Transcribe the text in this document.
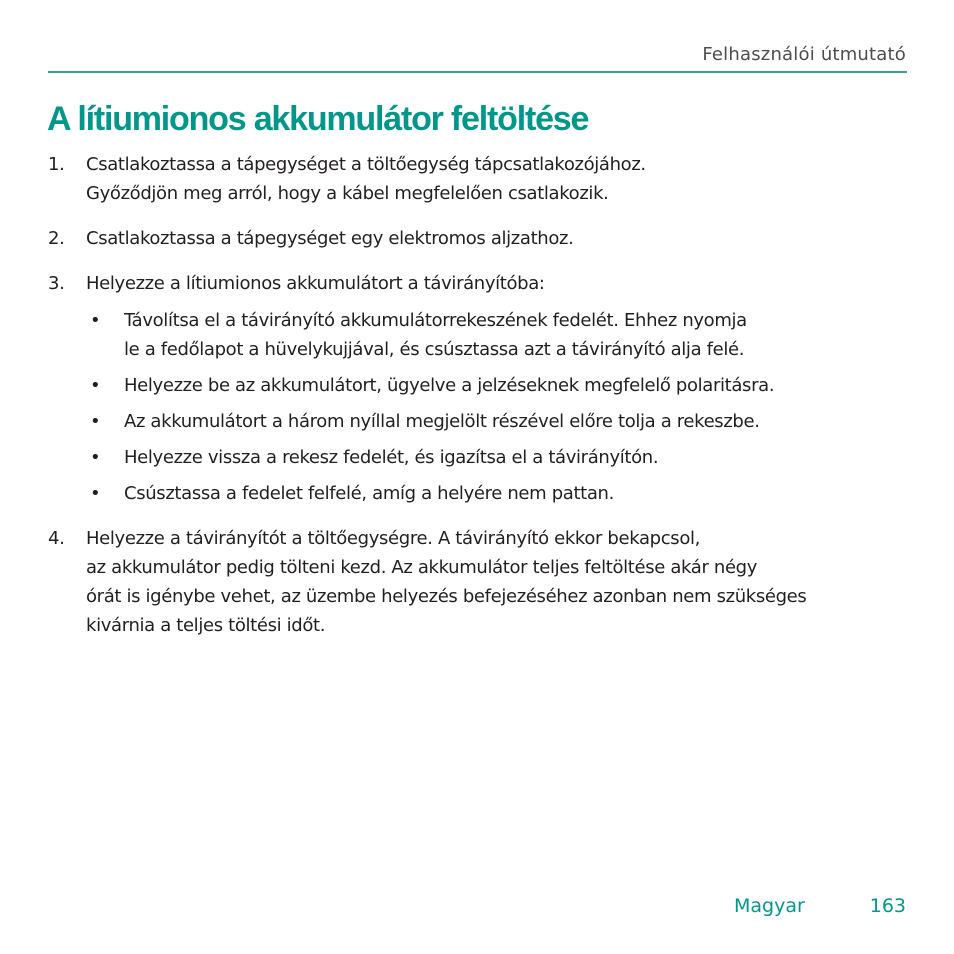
Felhasználói útmutató
A lítiumionos akkumulátor feltöltése
1. Csatlakoztassa a tápegységet a töltőegység tápcsatlakozójához.
Győződjön meg arról, hogy a kábel megfelelően csatlakozik.

2. Csatlakoztassa a tápegységet egy elektromos aljzathoz.

3. Helyezze a lítiumionos akkumulátort a távirányítóba:

• Távolítsa el a távirányító akkumulátorrekeszének fedelét. Ehhez nyomja
le a fedőlapot a hüvelykujjával, és csúsztassa azt a távirányító alja felé.
• Helyezze be az akkumulátort, ügyelve a jelzéseknek megfelelő polaritásra.
• Az akkumulátort a három nyíllal megjelölt részével előre tolja a rekeszbe.
• Helyezze vissza a rekesz fedelét, és igazítsa el a távirányítón.
• Csúsztassa a fedelet felfelé, amíg a helyére nem pattan.
4. Helyezze a távirányítót a töltőegységre. A távirányító ekkor bekapcsol,
az akkumulátor pedig tölteni kezd. Az akkumulátor teljes feltöltése akár négy
órát is igénybe vehet, az üzembe helyezés befejezéséhez azonban nem szükséges
kivárnia a teljes töltési időt.

Magyar	163
